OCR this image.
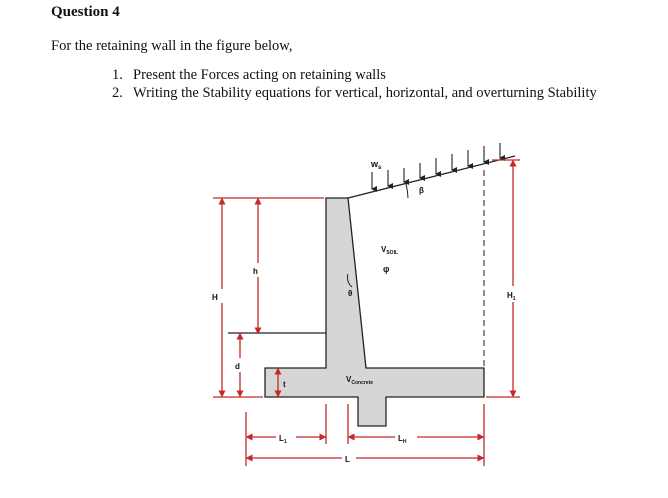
Question 4
For the retaining wall in the figure below,
1. Present the Forces acting on retaining walls
2. Writing the Stability equations for vertical, horizontal, and overturning Stability
$w_s$
β
$V_{SOIL}$
φ
θ
$V_{Concrete}$
H
h
d
t
$H_1$
$L_1$	$L_H$
L
